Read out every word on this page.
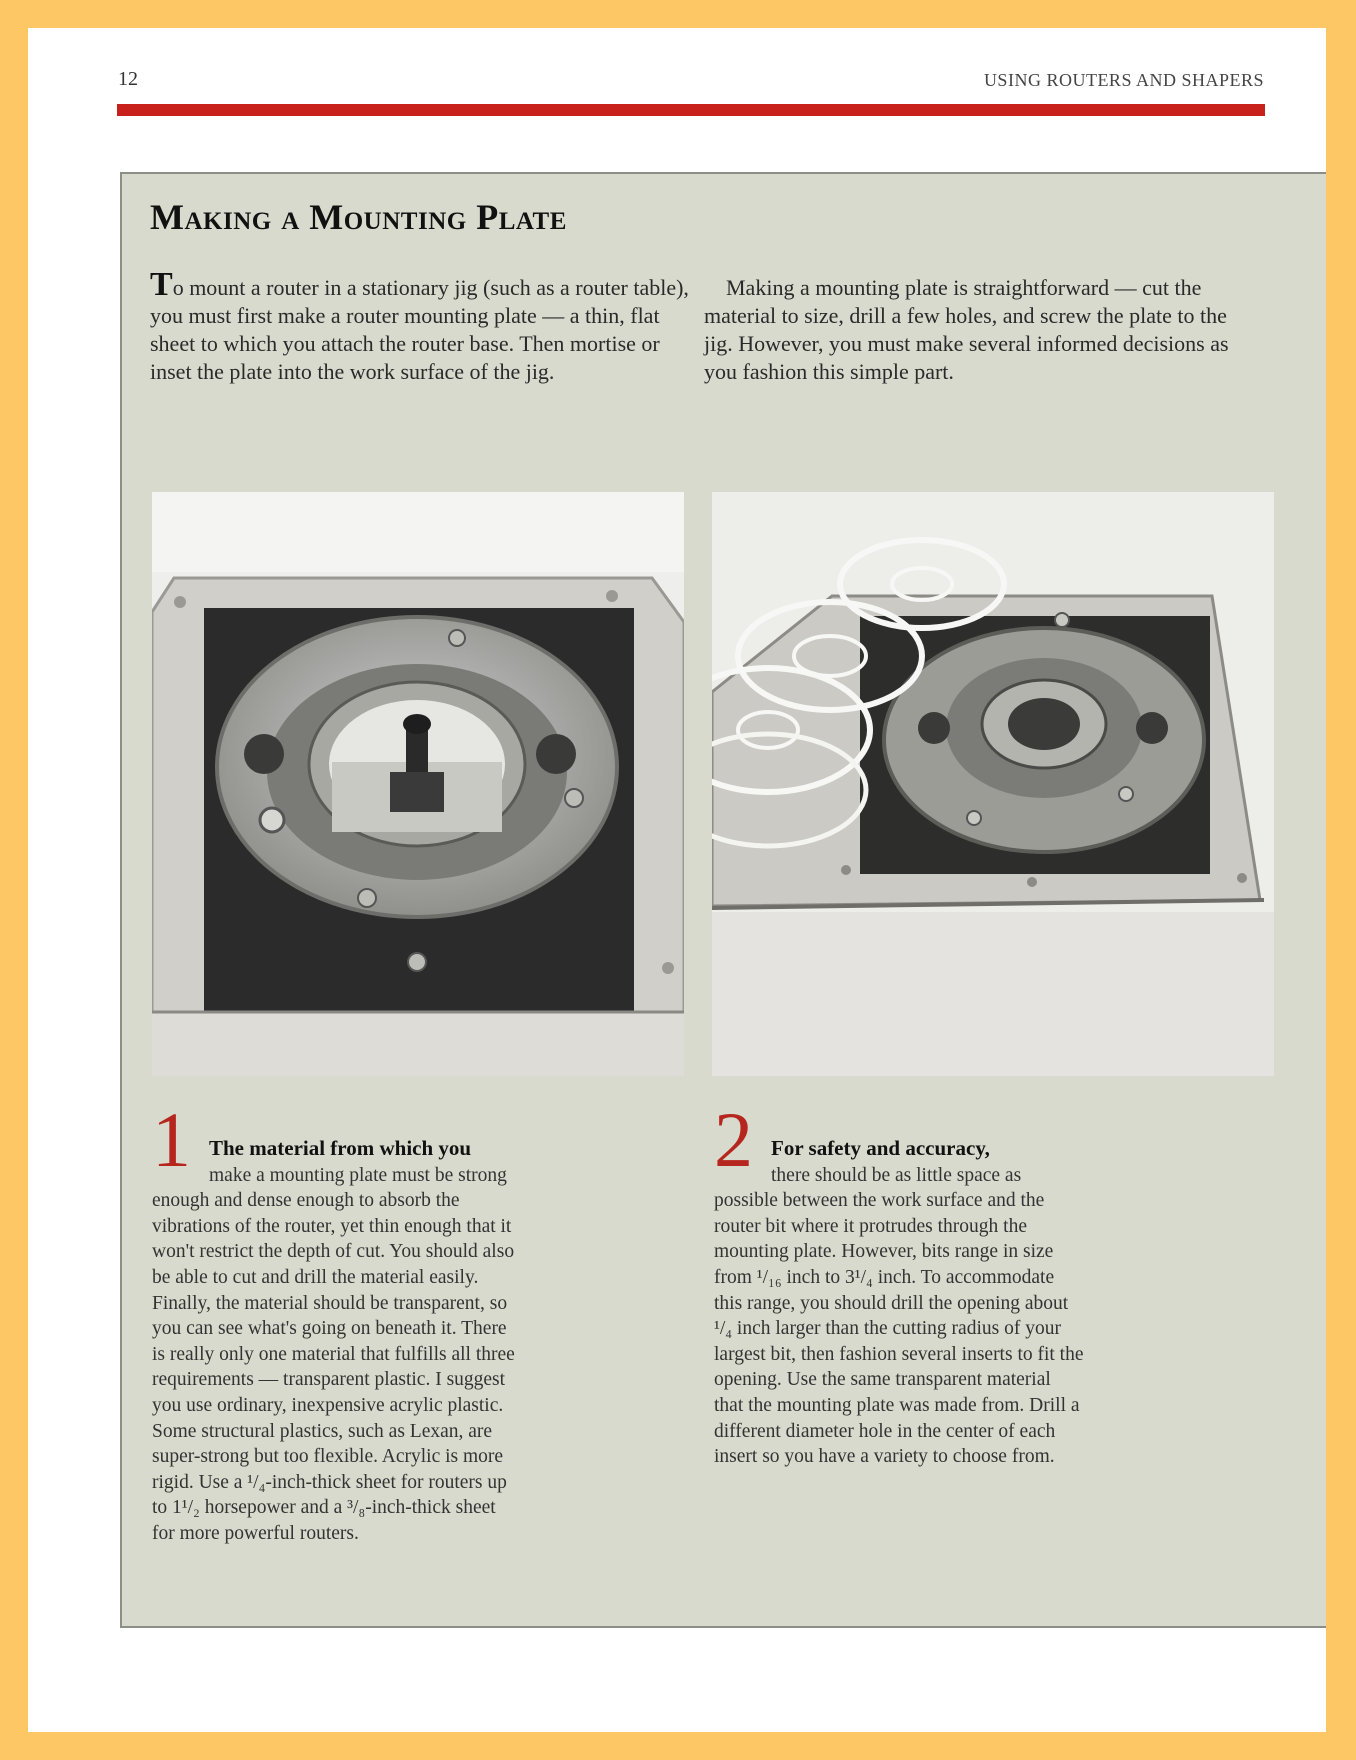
12	USING ROUTERS AND SHAPERS
Making a Mounting Plate

To mount a router in a stationary jig (such as a router table), you must first make a router mounting plate — a thin, flat sheet to which you attach the router base. Then mortise or inset the plate into the work surface of the jig.

Making a mounting plate is straightforward — cut the material to size, drill a few holes, and screw the plate to the jig. However, you must make several informed decisions as you fashion this simple part.

1 The material from which you

make a mounting plate must be strong enough and dense enough to absorb the vibrations of the router, yet thin enough that it won't restrict the depth of cut. You should also be able to cut and drill the material easily. Finally, the material should be transparent, so you can see what's going on beneath it. There is really only one material that fulfills all three requirements — transparent plastic. I suggest you use ordinary, inexpensive acrylic plastic. Some structural plastics, such as Lexan, are super-strong but too flexible. Acrylic is more rigid. Use a ¹/₄-inch-thick sheet for routers up to 1¹/₂ horsepower and a ³/₈-inch-thick sheet for more powerful routers.

2 For safety and accuracy,

there should be as little space as possible between the work surface and the router bit where it protrudes through the mounting plate. However, bits range in size from ¹/₁₆ inch to 3¹/₄ inch. To accommodate this range, you should drill the opening about ¹/₄ inch larger than the cutting radius of your largest bit, then fashion several inserts to fit the opening. Use the same transparent material that the mounting plate was made from. Drill a different diameter hole in the center of each insert so you have a variety to choose from.
